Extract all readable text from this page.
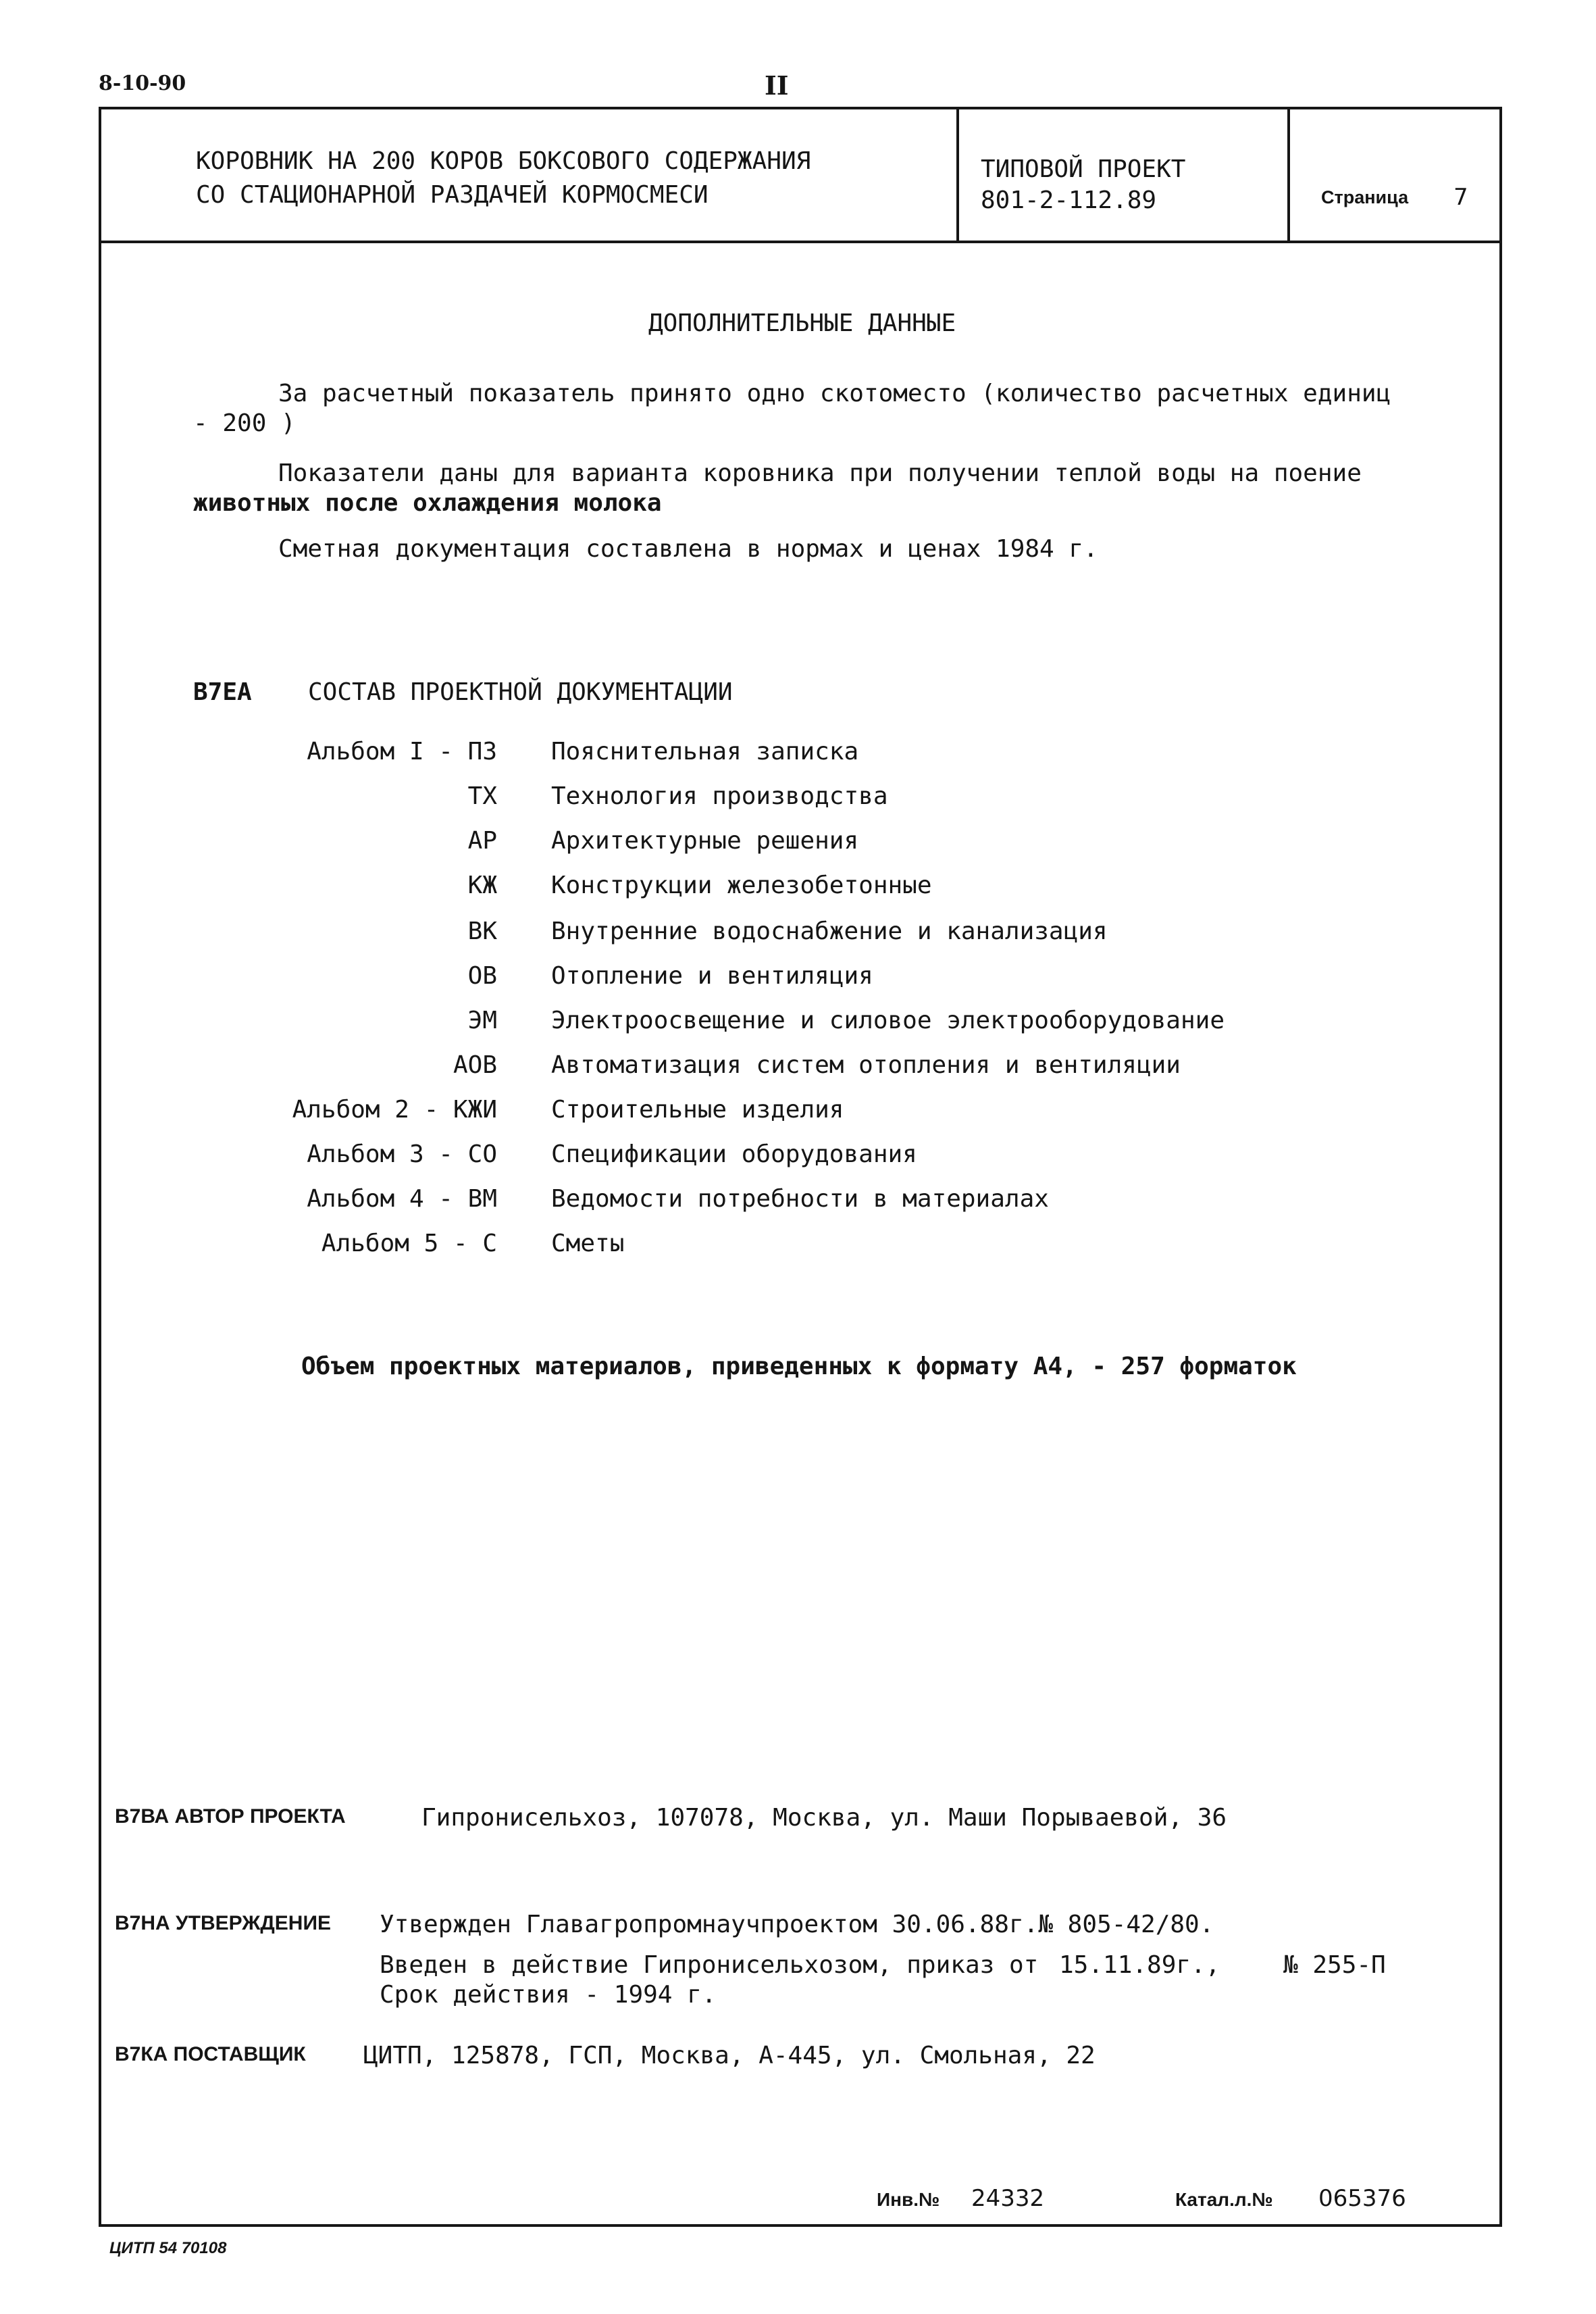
8-10-90	II
КОРОВНИК НА 200 КОРОВ БОКСОВОГО СОДЕРЖАНИЯ
СО СТАЦИОНАРНОЙ РАЗДАЧЕЙ КОРМОСМЕСИ
ТИПОВОЙ ПРОЕКТ
801-2-112.89	Страница 7
ДОПОЛНИТЕЛЬНЫЕ ДАННЫЕ
За расчетный показатель принято одно скотоместо (количество расчетных единиц
- 200 )
Показатели даны для варианта коровника при получении теплой воды на поение
животных после охлаждения молока
Сметная документация составлена в нормах и ценах 1984 г.
В7ЕА СОСТАВ ПРОЕКТНОЙ ДОКУМЕНТАЦИИ
Альбом I - ПЗ Пояснительная записка
ТХ Технология производства
АР Архитектурные решения
КЖ Конструкции железобетонные
ВК Внутренние водоснабжение и канализация
ОВ Отопление и вентиляция
ЭМ Электроосвещение и силовое электрооборудование
АОВ Автоматизация систем отопления и вентиляции
Альбом 2 - КЖИ Строительные изделия
Альбом 3 - СО Спецификации оборудования
Альбом 4 - ВМ Ведомости потребности в материалах
Альбом 5 - С Сметы
Объем проектных материалов, приведенных к формату А4, - 257 форматок
В7ВА АВТОР ПРОЕКТА	Гипронисельхоз, 107078, Москва, ул. Маши Порываевой, 36
В7НА УТВЕРЖДЕНИЕ Утвержден Главагропромнаучпроектом 30.06.88г.№ 805-42/80.
Введен в действие Гипронисельхозом, приказ от 15.11.89г.,	№ 255-П
Срок действия - 1994 г.
В7КА ПОСТАВЩИК ЦИТП, 125878, ГСП, Москва, А-445, ул. Смольная, 22
Инв.№ 24332	Катал.л.№ 065376
ЦИТП 54 70108
